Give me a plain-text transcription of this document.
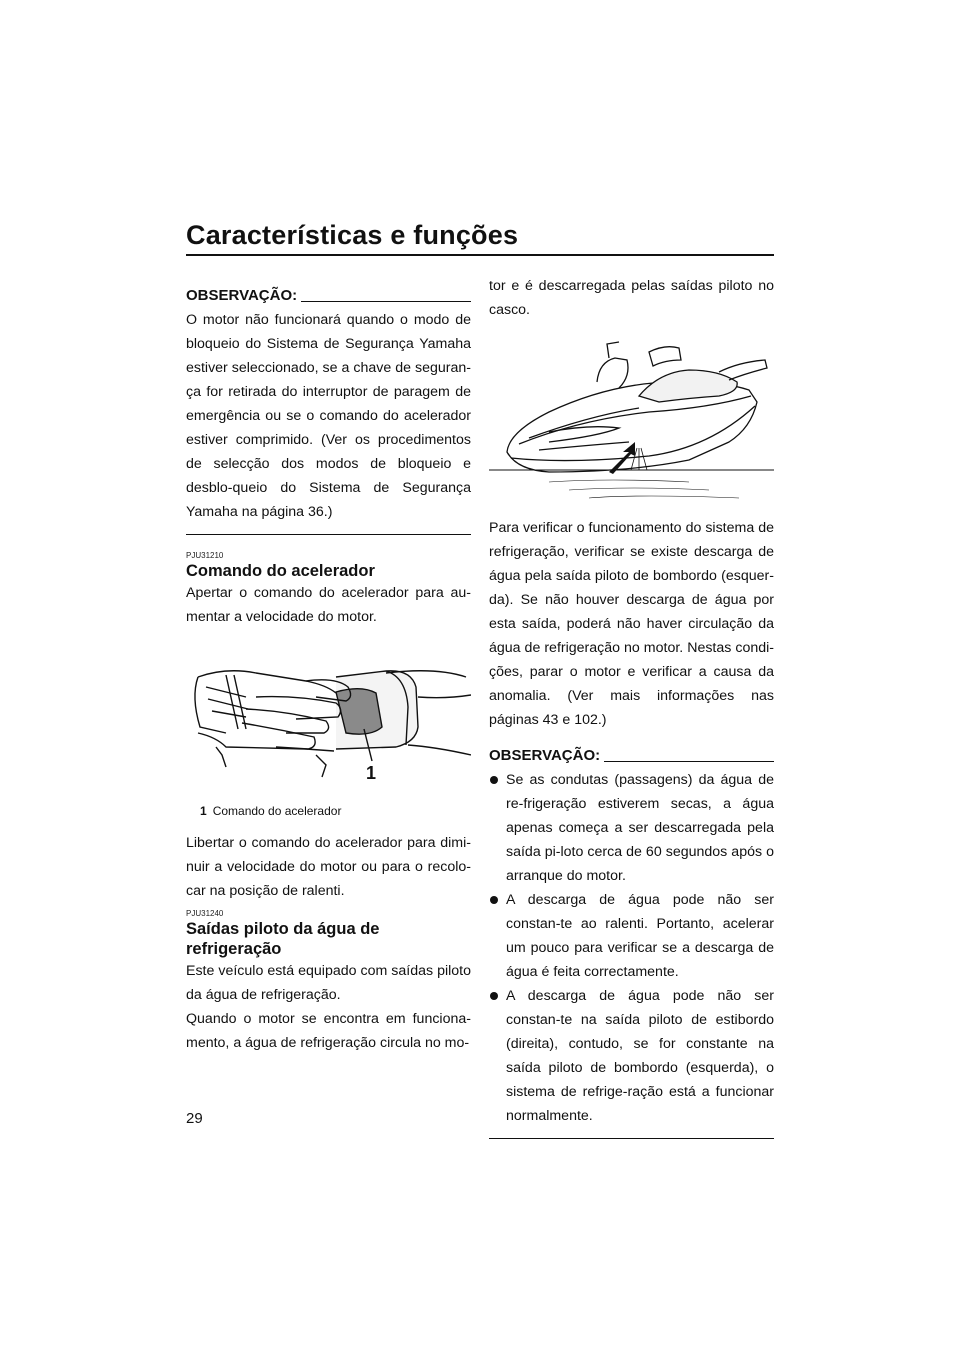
Características e funções
OBSERVAÇÃO:

O motor não funcionará quando o modo de bloqueio do Sistema de Segurança Yamaha estiver seleccionado, se a chave de seguran-ça for retirada do interruptor de paragem de emergência ou se o comando do acelerador estiver comprimido. (Ver os procedimentos de selecção dos modos de bloqueio e desblo-queio do Sistema de Segurança Yamaha na página 36.)

PJU31210
Comando do acelerador

Apertar o comando do acelerador para au-mentar a velocidade do motor.

1
1 Comando do acelerador

Libertar o comando do acelerador para dimi-nuir a velocidade do motor ou para o recolo-car na posição de ralenti.

PJU31240
Saídas piloto da água de refrigeração

Este veículo está equipado com saídas piloto da água de refrigeração.

Quando o motor se encontra em funciona-mento, a água de refrigeração circula no mo-

tor e é descarregada pelas saídas piloto no casco.

Para verificar o funcionamento do sistema de refrigeração, verificar se existe descarga de água pela saída piloto de bombordo (esquer-da). Se não houver descarga de água por esta saída, poderá não haver circulação da água de refrigeração no motor. Nestas condi-ções, parar o motor e verificar a causa da anomalia. (Ver mais informações nas páginas 43 e 102.)

OBSERVAÇÃO:
Se as condutas (passagens) da água de re-frigeração estiverem secas, a água apenas começa a ser descarregada pela saída pi-loto cerca de 60 segundos após o arranque do motor.
A descarga de água pode não ser constan-te ao ralenti. Portanto, acelerar um pouco para verificar se a descarga de água é feita correctamente.
A descarga de água pode não ser constan-te na saída piloto de estibordo (direita), contudo, se for constante na saída piloto de bombordo (esquerda), o sistema de refrige-ração está a funcionar normalmente.
29
